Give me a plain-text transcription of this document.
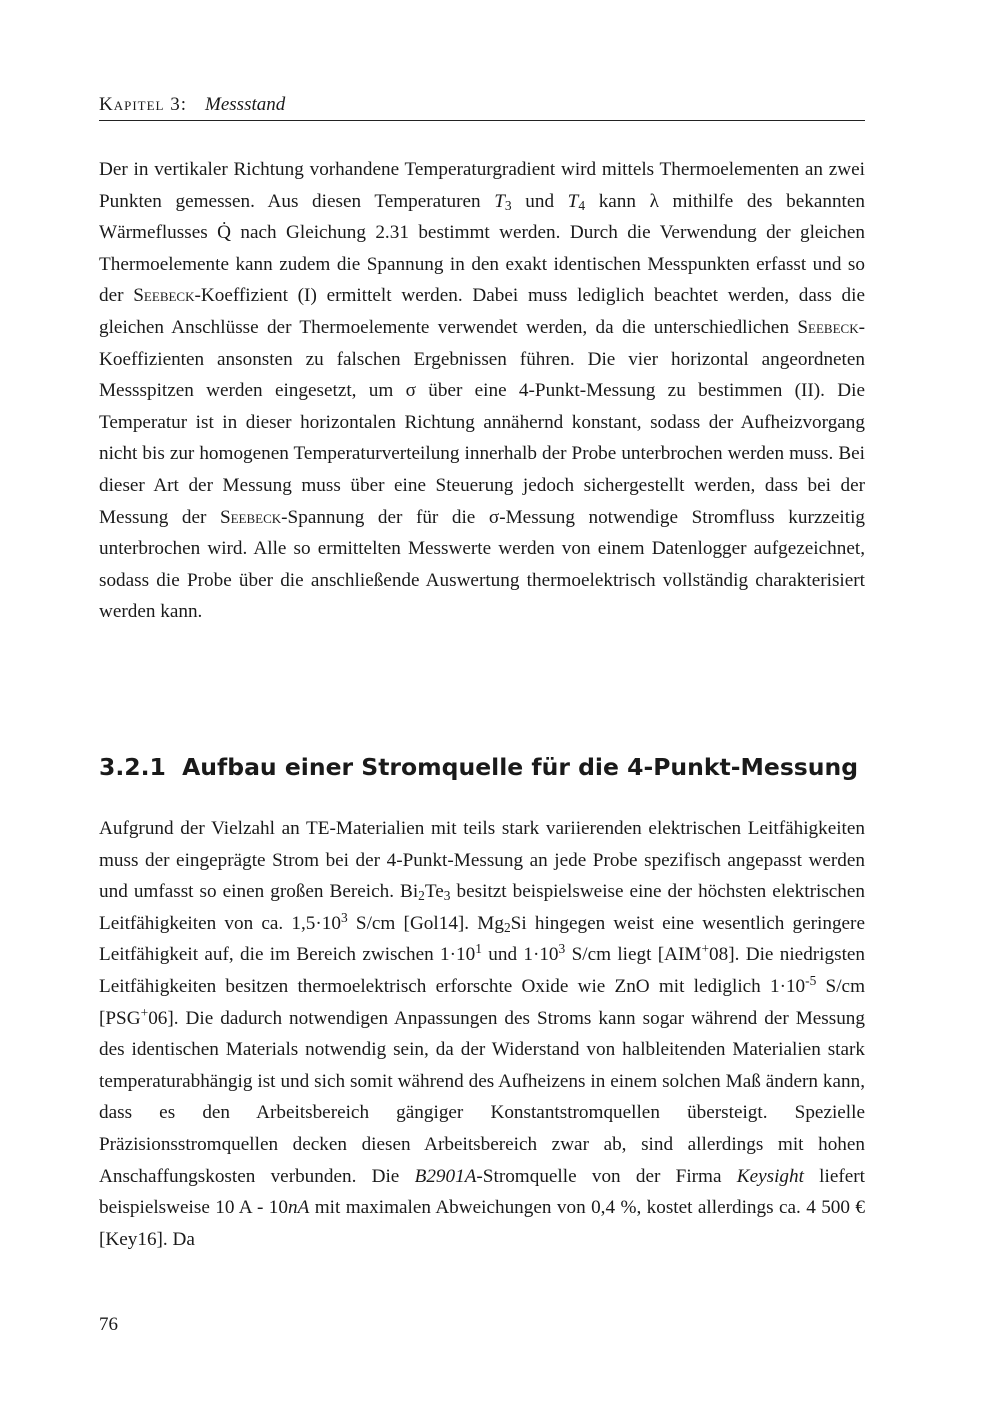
Kapitel 3: Messstand

Der in vertikaler Richtung vorhandene Temperaturgradient wird mittels Thermoelementen an zwei Punkten gemessen. Aus diesen Temperaturen $T_3$ und $T_4$ kann λ mithilfe des bekannten Wärmeflusses Q̇ nach Gleichung 2.31 bestimmt werden. Durch die Verwendung der gleichen Thermoelemente kann zudem die Spannung in den exakt identischen Messpunkten erfasst und so der Seebeck-Koeffizient (I) ermittelt werden. Dabei muss lediglich beachtet werden, dass die gleichen Anschlüsse der Thermoelemente verwendet werden, da die unterschiedlichen Seebeck-Koeffizienten ansonsten zu falschen Ergebnissen führen. Die vier horizontal angeordneten Messspitzen werden eingesetzt, um σ über eine 4-Punkt-Messung zu bestimmen (II). Die Temperatur ist in dieser horizontalen Richtung annähernd konstant, sodass der Aufheizvorgang nicht bis zur homogenen Temperaturverteilung innerhalb der Probe unterbrochen werden muss. Bei dieser Art der Messung muss über eine Steuerung jedoch sichergestellt werden, dass bei der Messung der Seebeck-Spannung der für die σ-Messung notwendige Stromfluss kurzzeitig unterbrochen wird. Alle so ermittelten Messwerte werden von einem Datenlogger aufgezeichnet, sodass die Probe über die anschließende Auswertung thermoelektrisch vollständig charakterisiert werden kann.

3.2.1 Aufbau einer Stromquelle für die 4-Punkt-Messung

Aufgrund der Vielzahl an TE-Materialien mit teils stark variierenden elektrischen Leitfähigkeiten muss der eingeprägte Strom bei der 4-Punkt-Messung an jede Probe spezifisch angepasst werden und umfasst so einen großen Bereich. $Bi_2Te_3$ besitzt beispielsweise eine der höchsten elektrischen Leitfähigkeiten von ca. $1,5\cdot 10^3$ S/cm [Gol14]. $Mg_2Si$ hingegen weist eine wesentlich geringere Leitfähigkeit auf, die im Bereich zwischen $1\cdot 10^1$ und $1\cdot 10^3$ S/cm liegt [AIM+08]. Die niedrigsten Leitfähigkeiten besitzen thermoelektrisch erforschte Oxide wie ZnO mit lediglich $1\cdot 10^{-5}$ S/cm [PSG+06]. Die dadurch notwendigen Anpassungen des Stroms kann sogar während der Messung des identischen Materials notwendig sein, da der Widerstand von halbleitenden Materialien stark temperaturabhängig ist und sich somit während des Aufheizens in einem solchen Maß ändern kann, dass es den Arbeitsbereich gängiger Konstantstromquellen übersteigt. Spezielle Präzisionsstromquellen decken diesen Arbeitsbereich zwar ab, sind allerdings mit hohen Anschaffungskosten verbunden. Die B2901A-Stromquelle von der Firma Keysight liefert beispielsweise 10 A - 10nA mit maximalen Abweichungen von 0,4 %, kostet allerdings ca. 4 500 € [Key16]. Da

76
